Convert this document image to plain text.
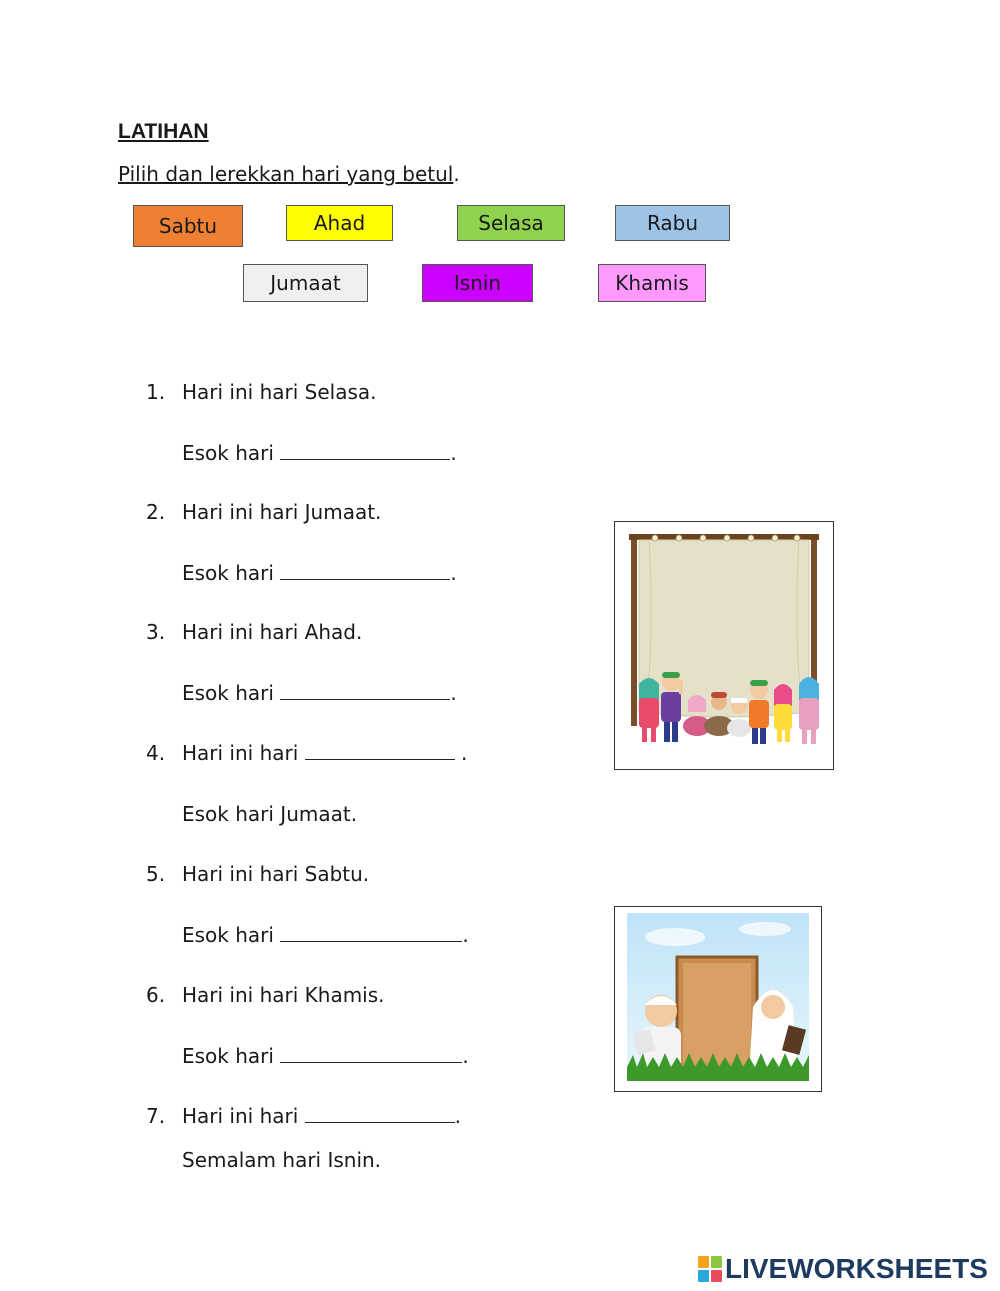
LATIHAN
Pilih dan lerekkan hari yang betul.
Sabtu	Ahad	Selasa	Rabu
Jumaat	Isnin	Khamis
1. Hari ini hari Selasa.
Esok hari	.
2. Hari ini hari Jumaat.
Esok hari	.
3. Hari ini hari Ahad.
Esok hari	.
4. Hari ini hari	.
Esok hari Jumaat.
5. Hari ini hari Sabtu.
Esok hari	.
6. Hari ini hari Khamis.
Esok hari	.
7. Hari ini hari	.
Semalam hari Isnin.
LIVEWORKSHEETS
